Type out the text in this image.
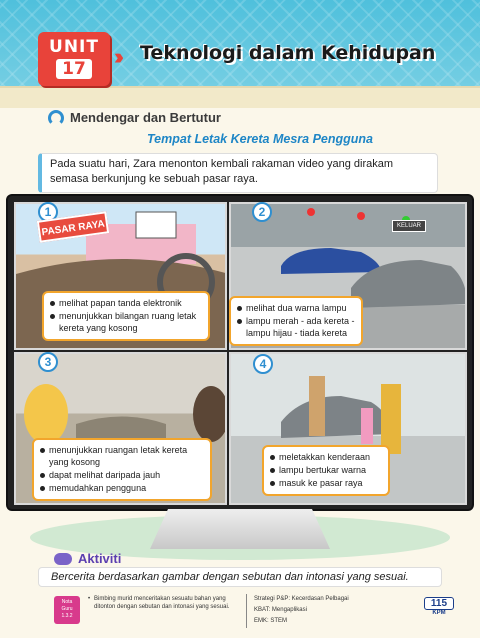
UNIT
17	››› Teknologi dalam Kehidupan
Mendengar dan Bertutur
Tempat Letak Kereta Mesra Pengguna
Pada suatu hari, Zara menonton kembali rakaman video yang dirakam semasa berkunjung ke sebuah pasar raya.
1
PASAR RAYA
melihat papan tanda elektronik
menunjukkan bilangan ruang letak kereta yang kosong
2
KELUAR
melihat dua warna lampu
lampu merah - ada kereta - lampu hijau - tiada kereta
3
menunjukkan ruangan letak kereta yang kosong
dapat melihat daripada jauh
memudahkan pengguna
4
meletakkan kenderaan
lampu bertukar warna
masuk ke pasar raya
Aktiviti
Bercerita berdasarkan gambar dengan sebutan dan intonasi yang sesuai.
Nota
Guru
1.3.2
• Bimbing murid menceritakan sesuatu bahan yang ditonton dengan sebutan dan intonasi yang sesuai.
Strategi P&P: Kecerdasan Pelbagai
KBAT: Mengaplikasi
EMK: STEM
115
KPM
